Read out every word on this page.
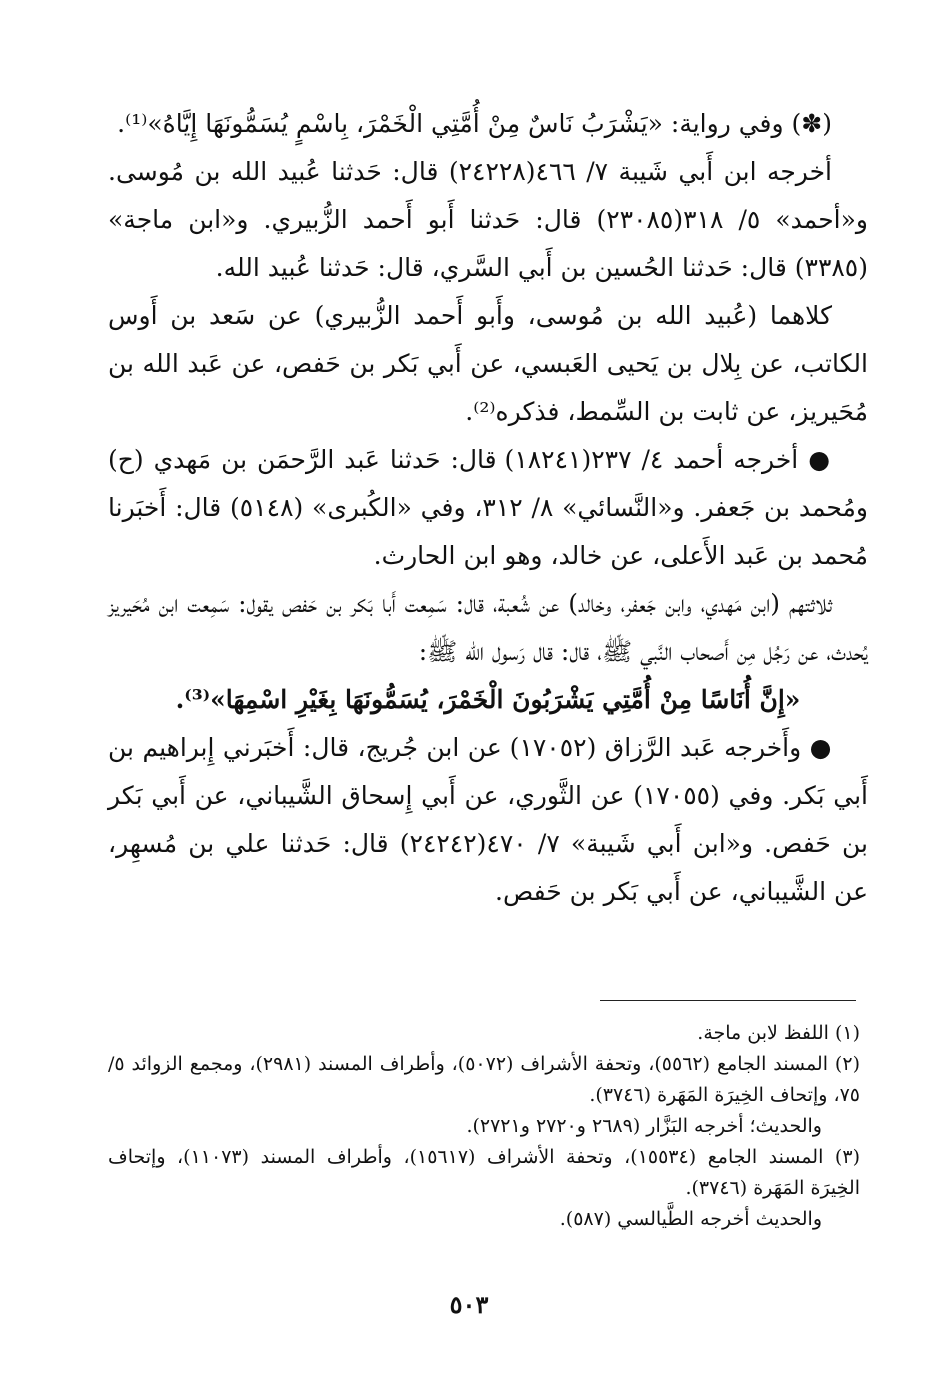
(✽) وفي رواية: «يَشْرَبُ نَاسٌ مِنْ أُمَّتِي الْخَمْرَ، بِاسْمٍ يُسَمُّونَهَا إِيَّاهُ»⁽¹⁾.

أخرجه ابن أَبي شَيبة ٧/ ٤٦٦(٢٤٢٢٨) قال: حَدثنا عُبيد الله بن مُوسى. و«أحمد» ٥/ ٣١٨(٢٣٠٨٥) قال: حَدثنا أَبو أَحمد الزُّبيري. و«ابن ماجة» (٣٣٨٥) قال: حَدثنا الحُسين بن أَبي السَّري، قال: حَدثنا عُبيد الله.

كلاهما (عُبيد الله بن مُوسى، وأَبو أَحمد الزُّبيري) عن سَعد بن أَوس الكاتب، عن بِلال بن يَحيى العَبسي، عن أَبي بَكر بن حَفص، عن عَبد الله بن مُحَيريز، عن ثابت بن السِّمط، فذكره⁽²⁾.

● أخرجه أحمد ٤/ ٢٣٧(١٨٢٤١) قال: حَدثنا عَبد الرَّحمَن بن مَهدي (ح) ومُحمد بن جَعفر. و«النَّسائي» ٨/ ٣١٢، وفي «الكُبرى» (٥١٤٨) قال: أَخبَرنا مُحمد بن عَبد الأَعلى، عن خالد، وهو ابن الحارث.

ثلاثتهم (ابن مَهدي، وابن جَعفر، وخالد) عن شُعبة، قال: سَمِعت أَبا بَكر بن حَفص يقول: سَمِعت ابن مُحَيريز يُحدث، عن رَجُل مِن أَصحاب النَّبي ﷺ، قال: قال رَسول الله ﷺ:

«إِنَّ أُنَاسًا مِنْ أُمَّتِي يَشْرَبُونَ الْخَمْرَ، يُسَمُّونَهَا بِغَيْرِ اسْمِهَا»⁽³⁾.

● وأَخرجه عَبد الرَّزاق (١٧٠٥٢) عن ابن جُريج، قال: أَخبَرني إِبراهيم بن أَبي بَكر. وفي (١٧٠٥٥) عن الثَّوري، عن أَبي إِسحاق الشَّيباني، عن أَبي بَكر بن حَفص. و«ابن أَبي شَيبة» ٧/ ٤٧٠(٢٤٢٤٢) قال: حَدثنا علي بن مُسهِر، عن الشَّيباني، عن أَبي بَكر بن حَفص.

(١) اللفظ لابن ماجة.

(٢) المسند الجامع (٥٥٦٢)، وتحفة الأشراف (٥٠٧٢)، وأطراف المسند (٢٩٨١)، ومجمع الزوائد ٥/ ٧٥، وإتحاف الخِيرَة المَهَرة (٣٧٤٦).

والحديث؛ أخرجه البَزَّار (٢٦٨٩ و٢٧٢٠ و٢٧٢١).

(٣) المسند الجامع (١٥٥٣٤)، وتحفة الأشراف (١٥٦١٧)، وأطراف المسند (١١٠٧٣)، وإتحاف الخِيرَة المَهَرة (٣٧٤٦).

والحديث أخرجه الطَّيالسي (٥٨٧).

٥٠٣
